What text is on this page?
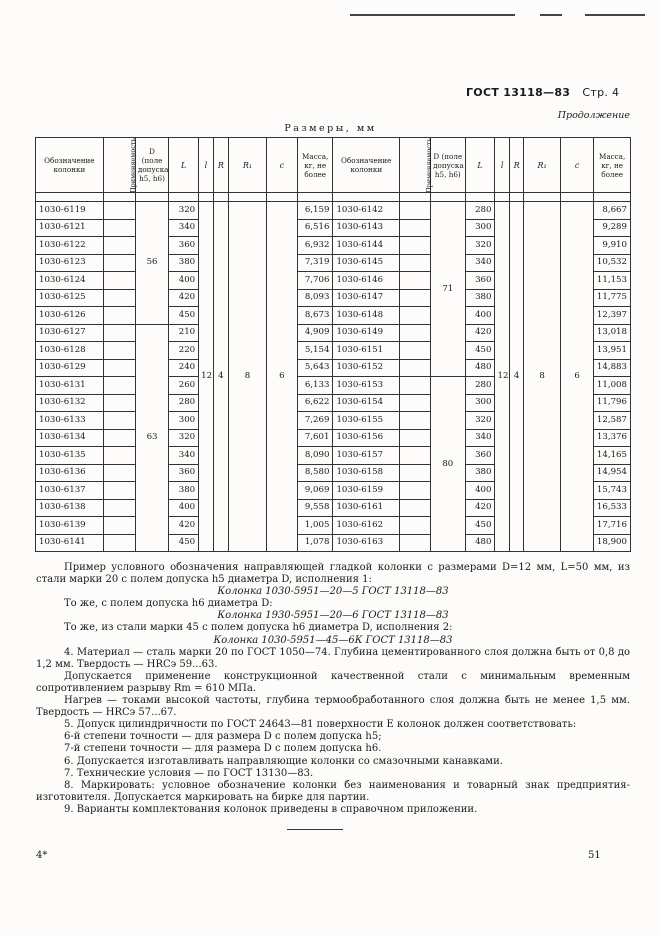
ГОСТ 13118—83 Стр. 4
Продолжение
Размеры, мм
Обозначение колонки	Применяемость	D (поле допуска h5, h6)	L	l	R	R₁	c	Масса, кг, не более	Обозначение колонки	Применяемость	D (поле допуска h5, h6)	L	l	R	R₁	c	Масса, кг, не более

1030-6119		56	320	12	4	8	6	6,159	1030-6142		71	280	12	4	8	6	8,667
1030-6121			340					6,516	1030-6143			300					9,289
1030-6122			360					6,932	1030-6144			320					9,910
1030-6123			380					7,319	1030-6145			340					10,532
1030-6124			400					7,706	1030-6146			360					11,153
1030-6125			420					8,093	1030-6147			380					11,775
1030-6126			450					8,673	1030-6148			400					12,397
1030-6127		63	210					4,909	1030-6149			420					13,018
1030-6128			220					5,154	1030-6151			450					13,951
1030-6129			240					5,643	1030-6152			480					14,883
1030-6131			260					6,133	1030-6153		80	280					11,008
1030-6132			280					6,622	1030-6154			300					11,796
1030-6133			300					7,269	1030-6155			320					12,587
1030-6134			320					7,601	1030-6156			340					13,376
1030-6135			340					8,090	1030-6157			360					14,165
1030-6136			360					8,580	1030-6158			380					14,954
1030-6137			380					9,069	1030-6159			400					15,743
1030-6138			400					9,558	1030-6161			420					16,533
1030-6139			420					1,005	1030-6162			450					17,716
1030-6141			450					1,078	1030-6163			480					18,900

Пример условного обозначения направляющей гладкой колонки с размерами D=12 мм, L=50 мм, из стали марки 20 с полем допуска h5 диаметра D, исполнения 1:

Колонка 1030-5951—20—5 ГОСТ 13118—83

То же, с полем допуска h6 диаметра D:

Колонка 1930-5951—20—6 ГОСТ 13118—83

То же, из стали марки 45 с полем допуска h6 диаметра D, исполнения 2:

Колонка 1030-5951—45—6К ГОСТ 13118—83

4. Материал — сталь марки 20 по ГОСТ 1050—74. Глубина цементированного слоя должна быть от 0,8 до 1,2 мм. Твердость — HRCэ 59...63.

Допускается применение конструкционной качественной стали с минимальным временным сопротивлением разрыву Rm = 610 МПа.

Нагрев — токами высокой частоты, глубина термообработанного слоя должна быть не менее 1,5 мм. Твердость — HRCэ 57...67.

5. Допуск цилиндричности по ГОСТ 24643—81 поверхности Е колонок должен соответствовать:

6-й степени точности — для размера D с полем допуска h5;

7-й степени точности — для размера D с полем допуска h6.

6. Допускается изготавливать направляющие колонки со смазочными канавками.

7. Технические условия — по ГОСТ 13130—83.

8. Маркировать: условное обозначение колонки без наименования и товарный знак предприятия-изготовителя. Допускается маркировать на бирке для партии.

9. Варианты комплектования колонок приведены в справочном приложении.

4*	51
